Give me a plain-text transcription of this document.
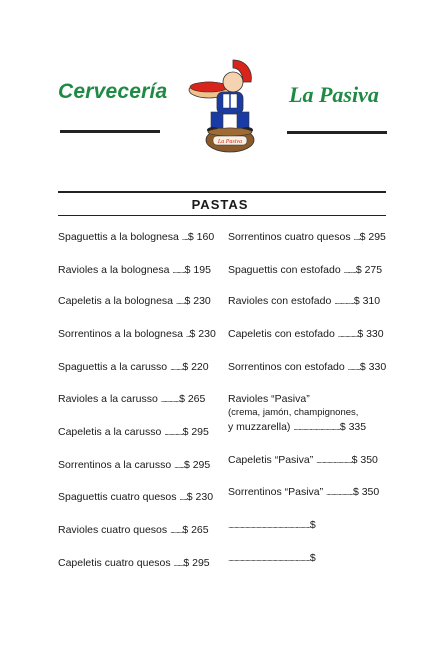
Cervecería	La Pasiva
La Pasiva
PASTAS
Spaguettis a la bolognesa .....$ 160
Ravioles a la bolognesa ..........$ 195
Capeletis a la bolognesa .......$ 230
Sorrentinos a la bolognesa ...$ 230
Spaguettis a la carusso ..........$ 220
Ravioles a la carusso ...............$ 265
Capeletis a la carusso ...............$ 295
Sorrentinos a la carusso ........$ 295
Spaguettis cuatro quesos ......$ 230
Ravioles cuatro quesos ..........$ 265
Capeletis cuatro quesos ........$ 295
Sorrentinos cuatro quesos .....$ 295
Spaguettis con estofado ..........$ 275
Ravioles con estofado ................$ 310
Capeletis con estofado ................$ 330
Sorrentinos con estofado ..........$ 330
Ravioles “Pasiva”
(crema, jamón, champignones,
y muzzarella) ......................................$ 335
Capeletis “Pasiva” .............................$ 350
Sorrentinos “Pasiva” ......................$ 350
...................................................................$
...................................................................$
